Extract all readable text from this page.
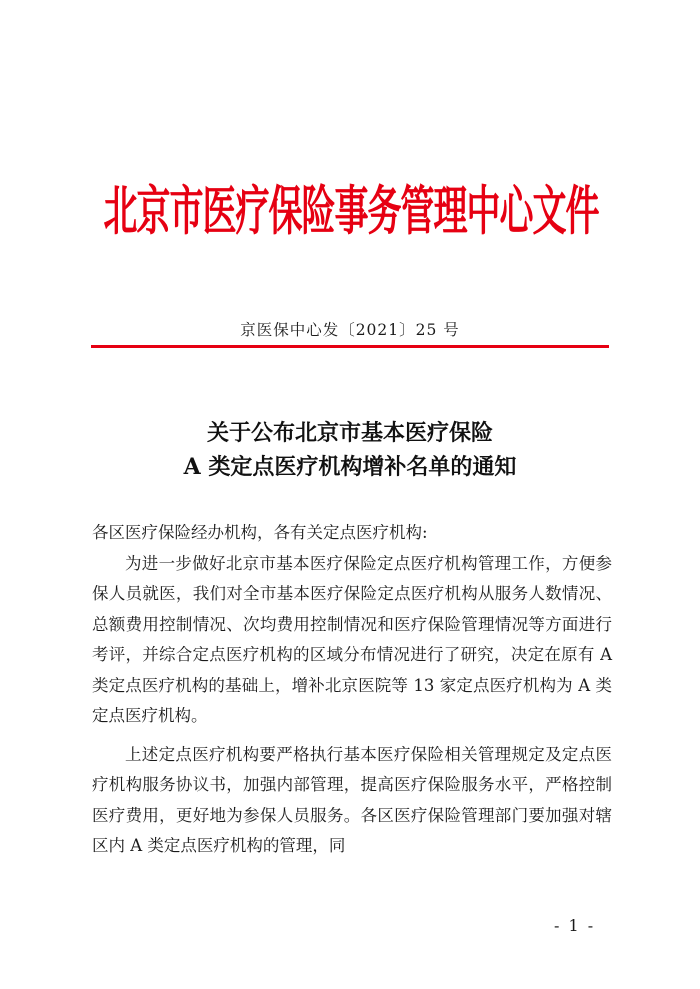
北京市医疗保险事务管理中心文件
京医保中心发〔2021〕25 号
关于公布北京市基本医疗保险
A 类定点医疗机构增补名单的通知

各区医疗保险经办机构，各有关定点医疗机构:

为进一步做好北京市基本医疗保险定点医疗机构管理工作，方便参保人员就医，我们对全市基本医疗保险定点医疗机构从服务人数情况、总额费用控制情况、次均费用控制情况和医疗保险管理情况等方面进行考评，并综合定点医疗机构的区域分布情况进行了研究，决定在原有 A 类定点医疗机构的基础上，增补北京医院等 13 家定点医疗机构为 A 类定点医疗机构。

上述定点医疗机构要严格执行基本医疗保险相关管理规定及定点医疗机构服务协议书，加强内部管理，提高医疗保险服务水平，严格控制医疗费用，更好地为参保人员服务。各区医疗保险管理部门要加强对辖区内 A 类定点医疗机构的管理，同

- 1 -
